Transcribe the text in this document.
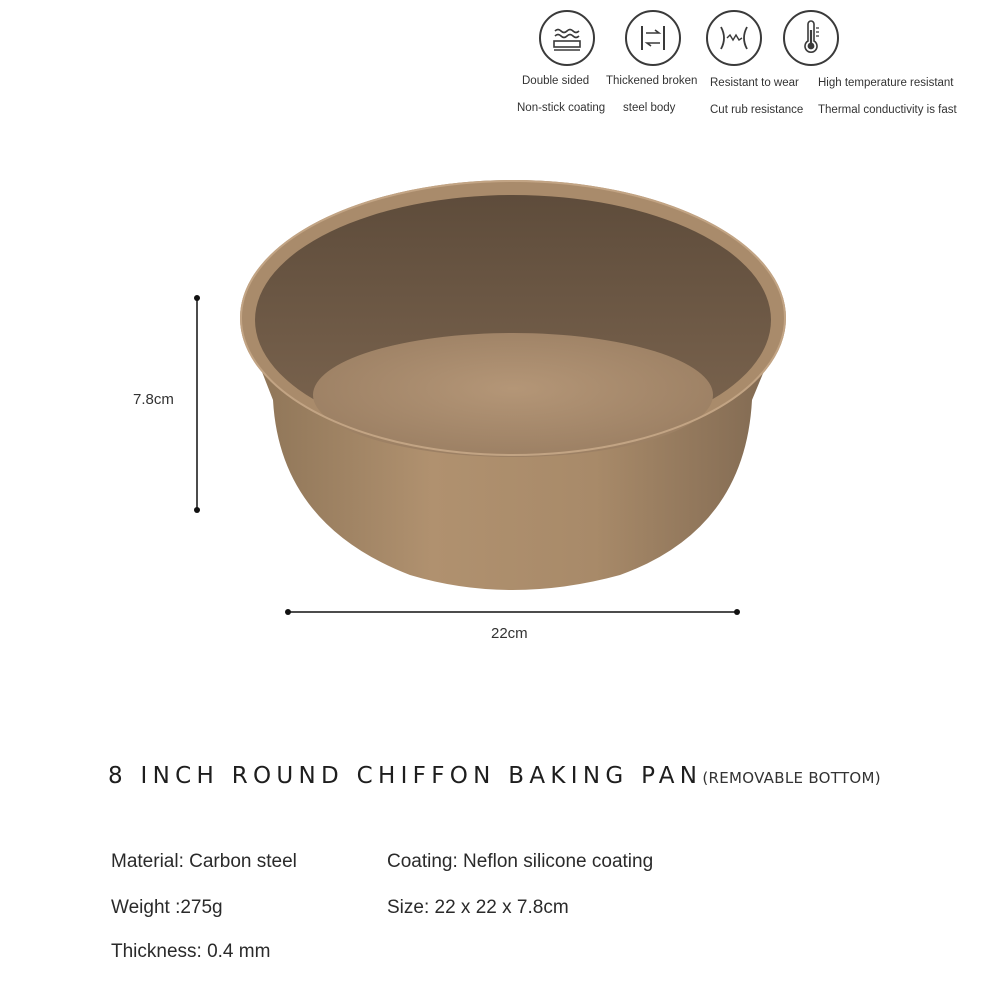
Double sided
Non-stick coating
Thickened broken
steel body
Resistant to wear
Cut rub resistance
High temperature resistant
Thermal conductivity is fast
7.8cm
22cm
8 INCH ROUND CHIFFON BAKING PAN(REMOVABLE BOTTOM)
Material: Carbon steel	Coating: Neflon silicone coating
Weight :275g	Size: 22 x 22 x 7.8cm
Thickness: 0.4 mm
